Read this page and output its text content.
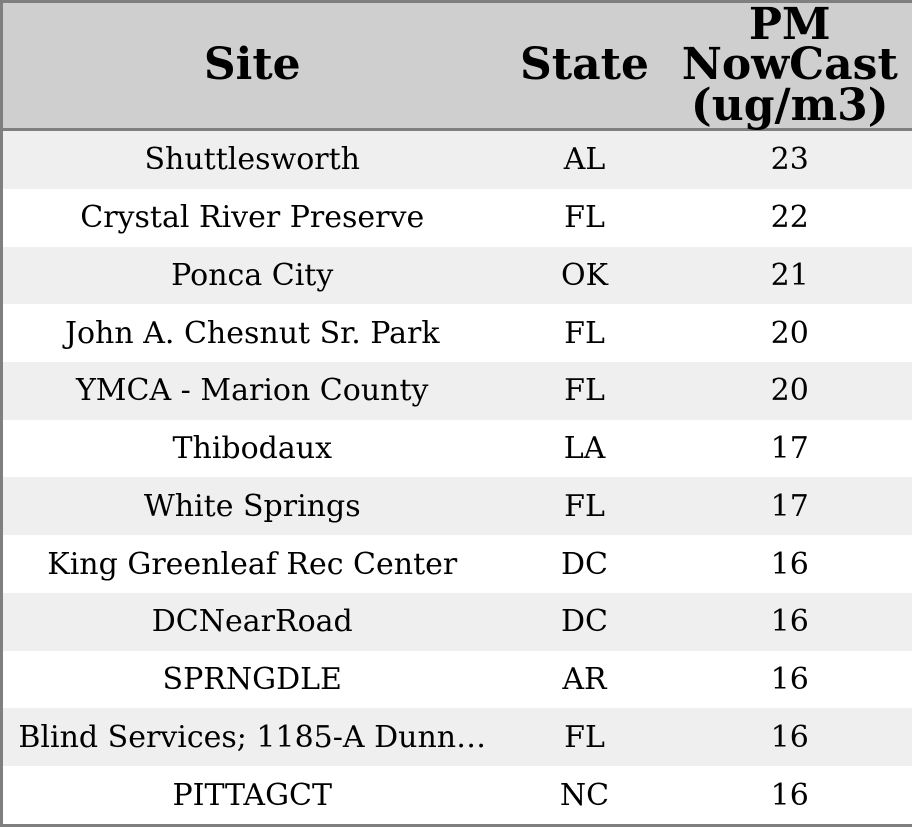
Site	State	PM NowCast (ug/m3)
Shuttlesworth	AL	23
Crystal River Preserve	FL	22
Ponca City	OK	21
John A. Chesnut Sr. Park	FL	20
YMCA - Marion County	FL	20
Thibodaux	LA	17
White Springs	FL	17
King Greenleaf Rec Center	DC	16
DCNearRoad	DC	16
SPRNGDLE	AR	16
Blind Services; 1185-A Dunn…	FL	16
PITTAGCT	NC	16
